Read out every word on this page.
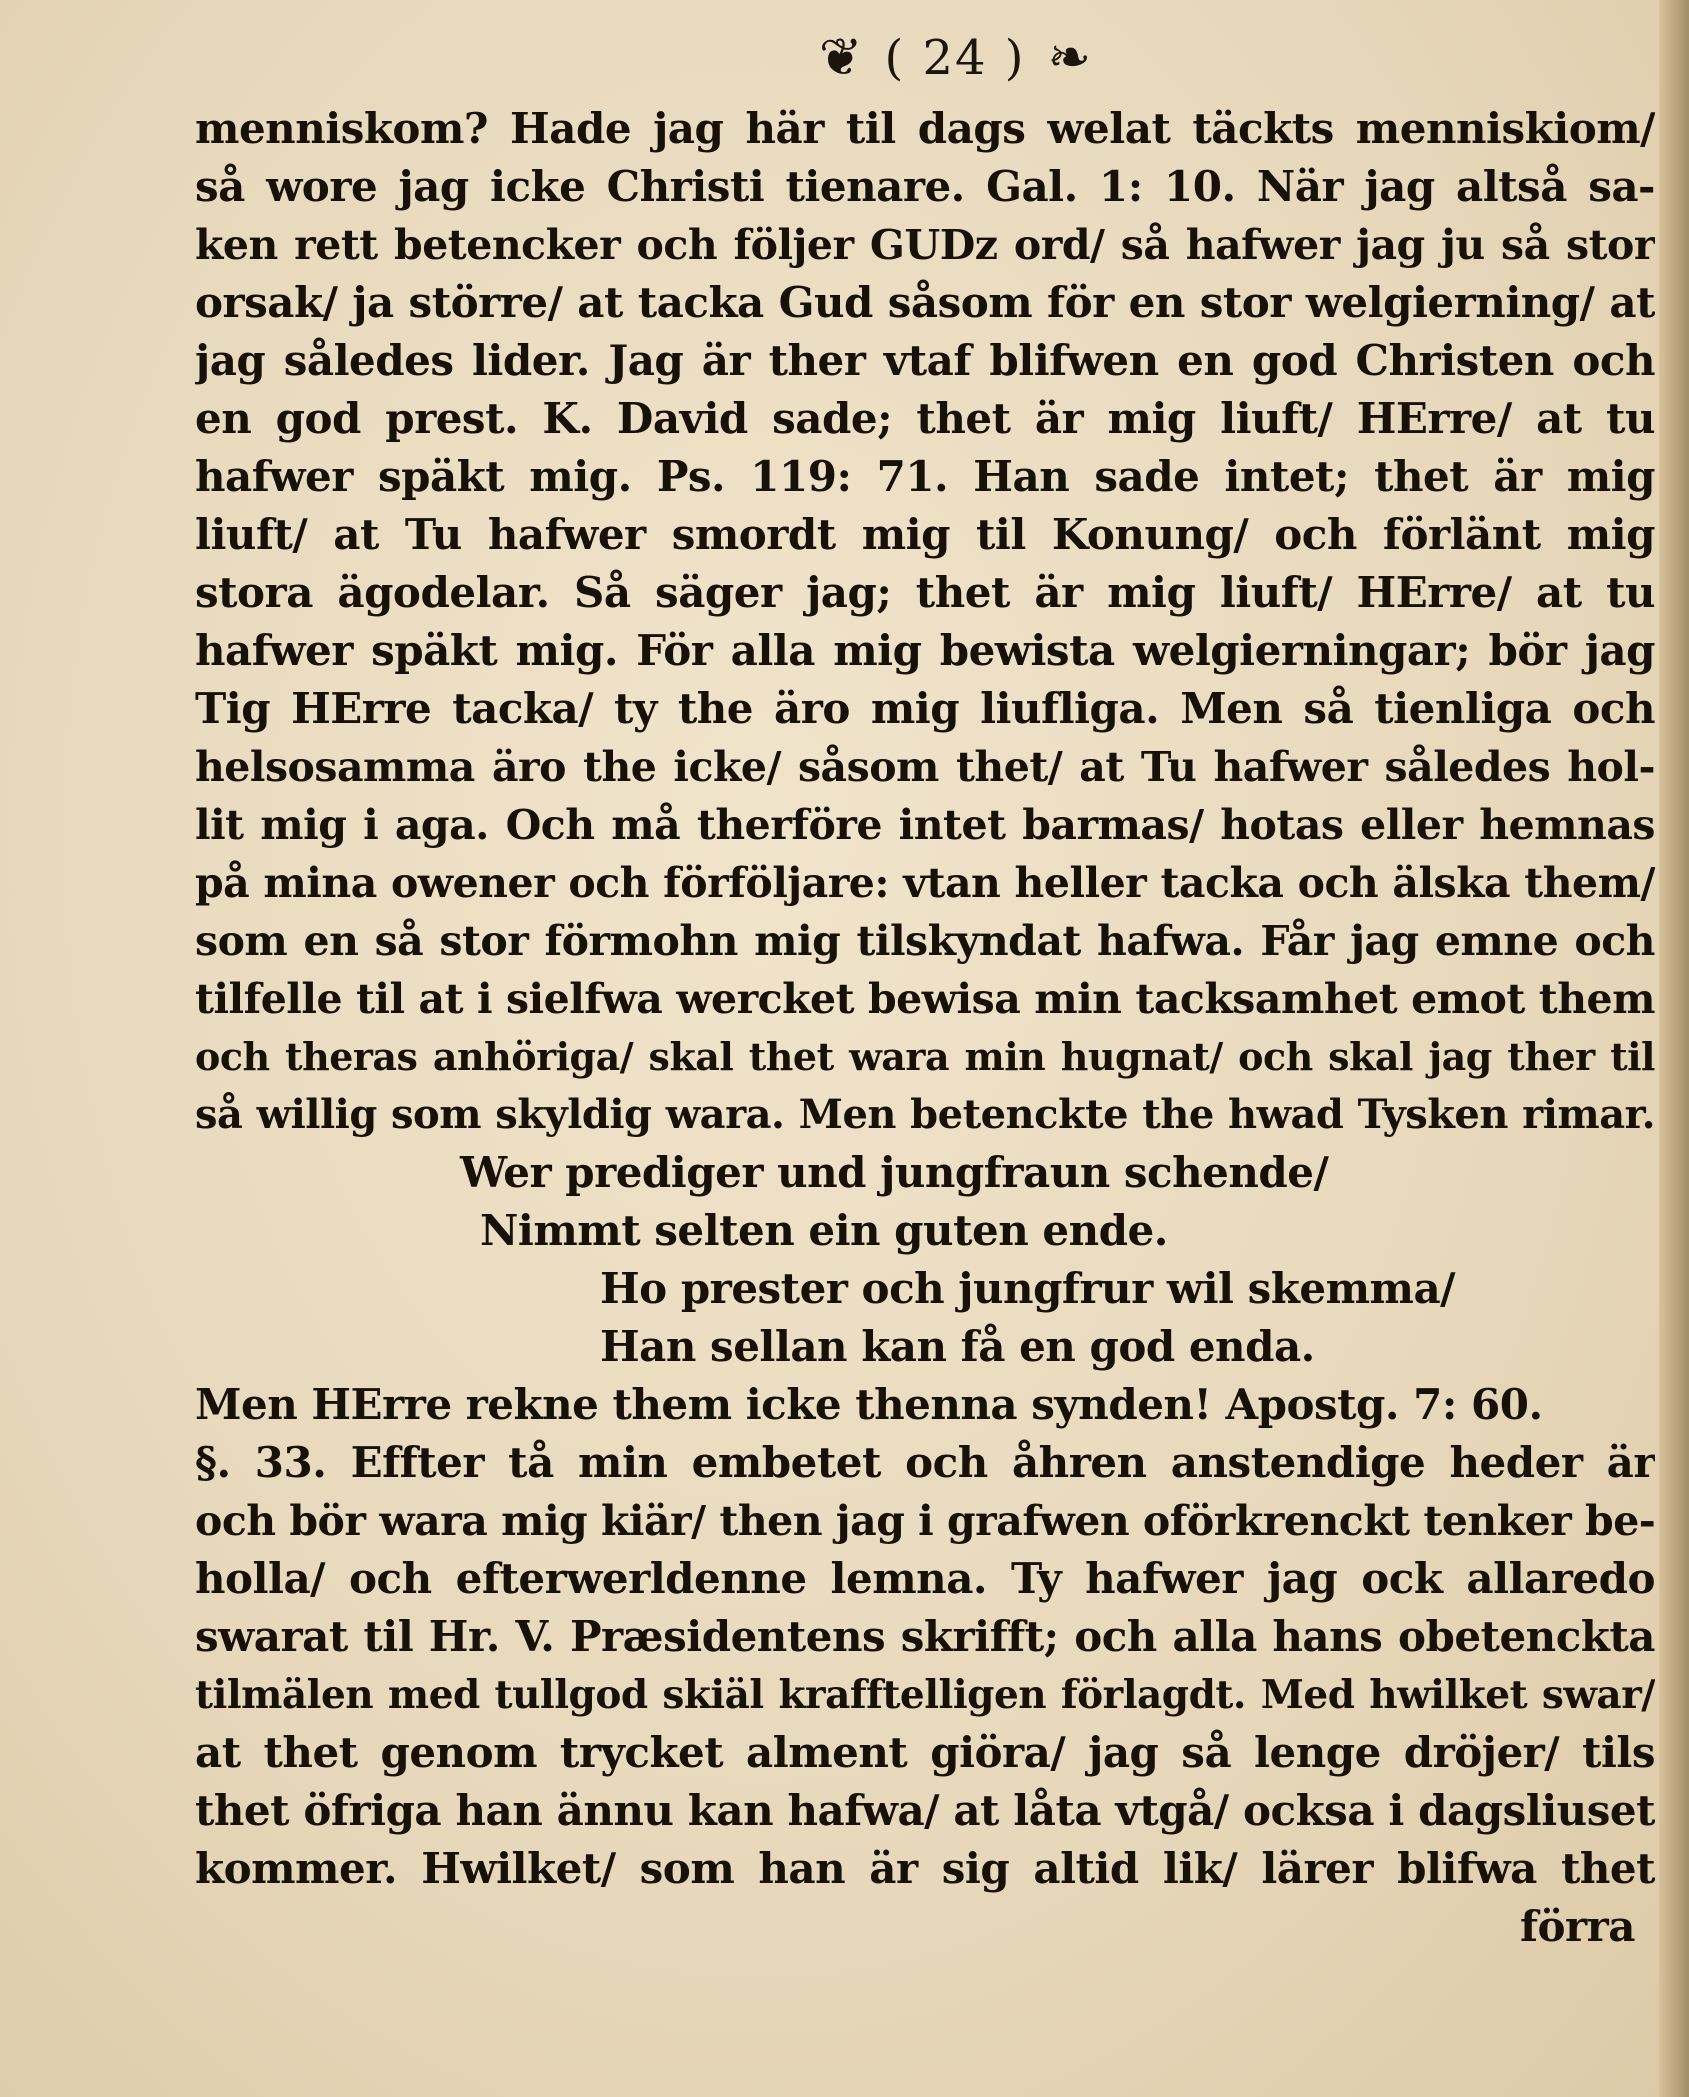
❦ ( 24 ) ❧
menniskom? Hade jag här til dags welat täckts menniskiom/
så wore jag icke Christi tienare. Gal. 1: 10. När jag altså sa-
ken rett betencker och följer GUDz ord/ så hafwer jag ju så stor
orsak/ ja större/ at tacka Gud såsom för en stor welgierning/ at
jag således lider. Jag är ther vtaf blifwen en god Christen och
en god prest. K. David sade; thet är mig liuft/ HErre/ at tu
hafwer späkt mig. Ps. 119: 71. Han sade intet; thet är mig
liuft/ at Tu hafwer smordt mig til Konung/ och förlänt mig
stora ägodelar. Så säger jag; thet är mig liuft/ HErre/ at tu
hafwer späkt mig. För alla mig bewista welgierningar; bör jag
Tig HErre tacka/ ty the äro mig liufliga. Men så tienliga och
helsosamma äro the icke/ såsom thet/ at Tu hafwer således hol-
lit mig i aga. Och må therföre intet barmas/ hotas eller hemnas
på mina owener och förföljare: vtan heller tacka och älska them/
som en så stor förmohn mig tilskyndat hafwa. Får jag emne och
tilfelle til at i sielfwa wercket bewisa min tacksamhet emot them
och theras anhöriga/ skal thet wara min hugnat/ och skal jag ther til
så willig som skyldig wara. Men betenckte the hwad Tysken rimar.
Wer prediger und jungfraun schende/
Nimmt selten ein guten ende.
Ho prester och jungfrur wil skemma/
Han sellan kan få en god enda.
Men HErre rekne them icke thenna synden! Apostg. 7: 60.
§. 33. Effter tå min embetet och åhren anstendige heder är
och bör wara mig kiär/ then jag i grafwen oförkrenckt tenker be-
holla/ och efterwerldenne lemna. Ty hafwer jag ock allaredo
swarat til Hr. V. Præsidentens skrifft; och alla hans obetenckta
tilmälen med tullgod skiäl krafftelligen förlagdt. Med hwilket swar/
at thet genom trycket alment giöra/ jag så lenge dröjer/ tils
thet öfriga han ännu kan hafwa/ at låta vtgå/ ocksa i dagsliuset
kommer. Hwilket/ som han är sig altid lik/ lärer blifwa thet
förra
